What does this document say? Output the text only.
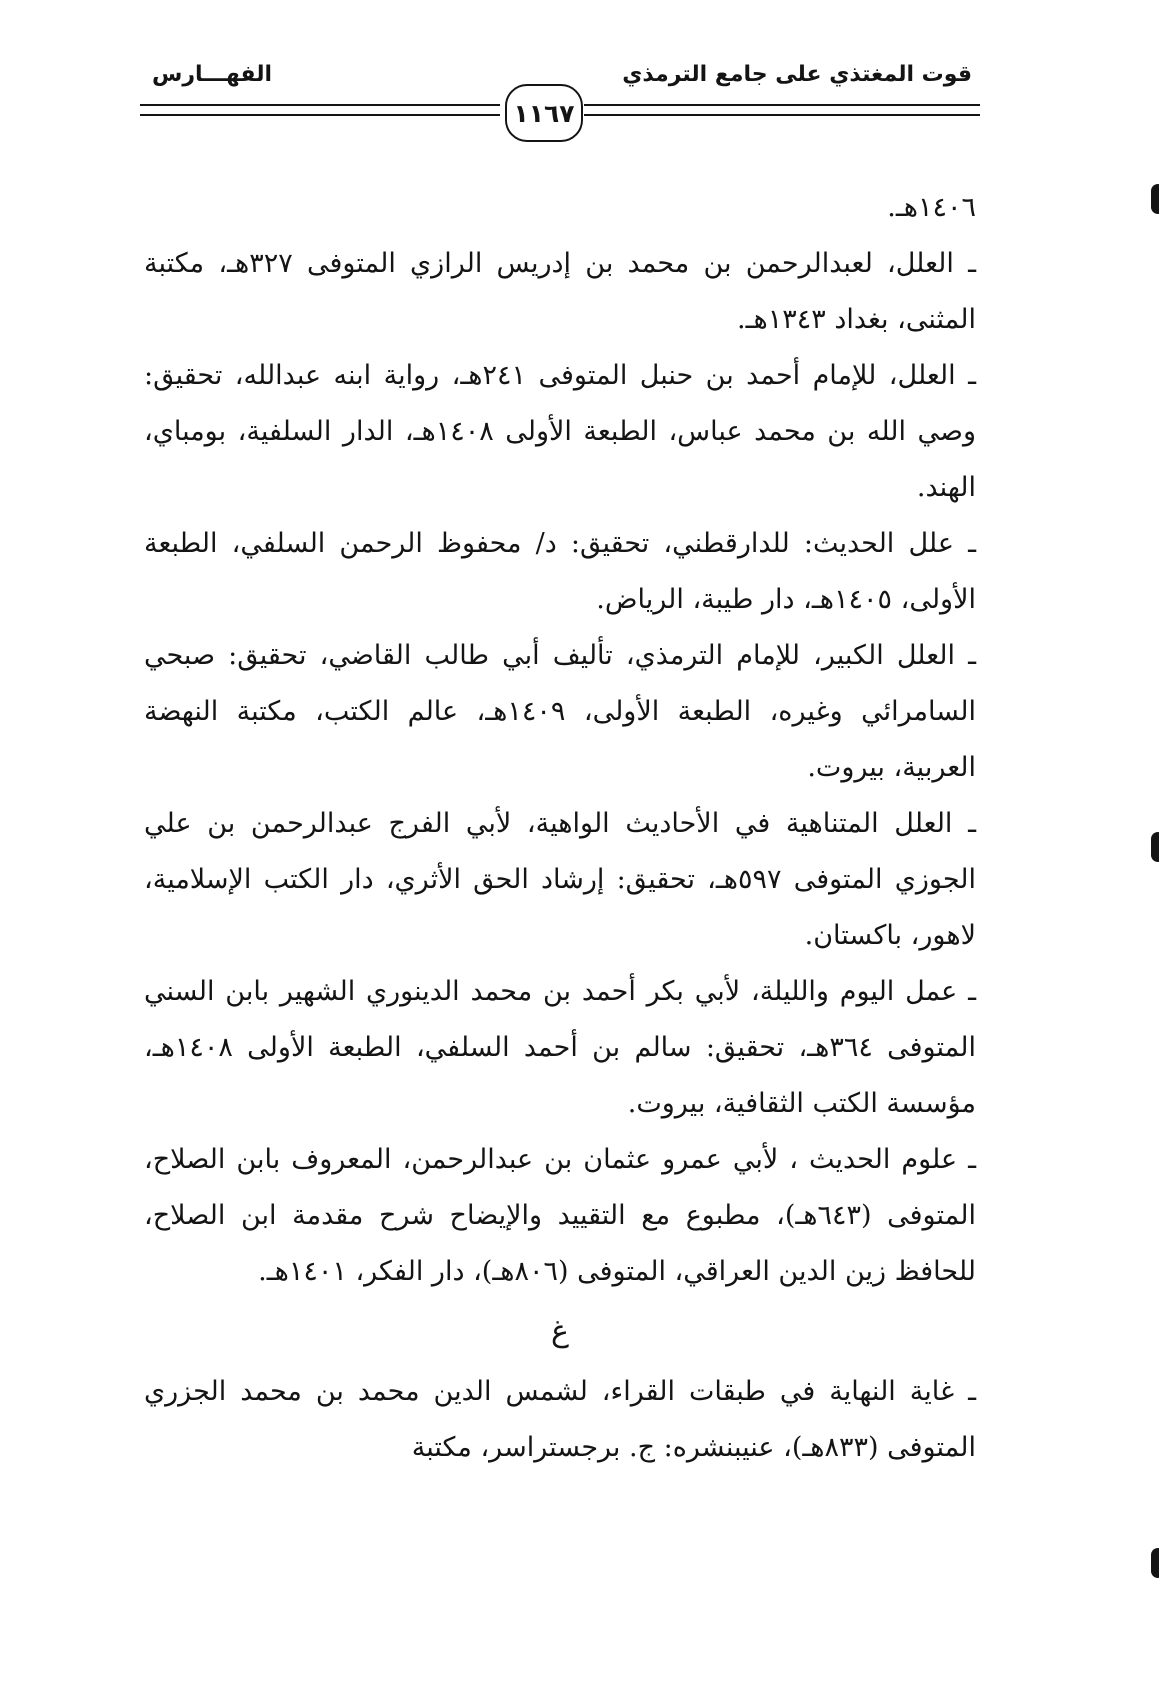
الفهـــارس	قوت المغتذي على جامع الترمذي
١١٦٧

١٤٠٦هـ.

ـ العلل، لعبدالرحمن بن محمد بن إدريس الرازي المتوفى ٣٢٧هـ، مكتبة المثنى، بغداد ١٣٤٣هـ.

ـ العلل، للإمام أحمد بن حنبل المتوفى ٢٤١هـ، رواية ابنه عبدالله، تحقيق: وصي الله بن محمد عباس، الطبعة الأولى ١٤٠٨هـ، الدار السلفية، بومباي، الهند.

ـ علل الحديث: للدارقطني، تحقيق: د/ محفوظ الرحمن السلفي، الطبعة الأولى، ١٤٠٥هـ، دار طيبة، الرياض.

ـ العلل الكبير، للإمام الترمذي، تأليف أبي طالب القاضي، تحقيق: صبحي السامرائي وغيره، الطبعة الأولى، ١٤٠٩هـ، عالم الكتب، مكتبة النهضة العربية، بيروت.

ـ العلل المتناهية في الأحاديث الواهية، لأبي الفرج عبدالرحمن بن علي الجوزي المتوفى ٥٩٧هـ، تحقيق: إرشاد الحق الأثري، دار الكتب الإسلامية، لاهور، باكستان.

ـ عمل اليوم والليلة، لأبي بكر أحمد بن محمد الدينوري الشهير بابن السني المتوفى ٣٦٤هـ، تحقيق: سالم بن أحمد السلفي، الطبعة الأولى ١٤٠٨هـ، مؤسسة الكتب الثقافية، بيروت.

ـ علوم الحديث ، لأبي عمرو عثمان بن عبدالرحمن، المعروف بابن الصلاح، المتوفى (٦٤٣هـ)، مطبوع مع التقييد والإيضاح شرح مقدمة ابن الصلاح، للحافظ زين الدين العراقي، المتوفى (٨٠٦هـ)، دار الفكر، ١٤٠١هـ.

غ

ـ غاية النهاية في طبقات القراء، لشمس الدين محمد بن محمد الجزري المتوفى (٨٣٣هـ)، عنيبنشره: ج. برجستراسر، مكتبة
